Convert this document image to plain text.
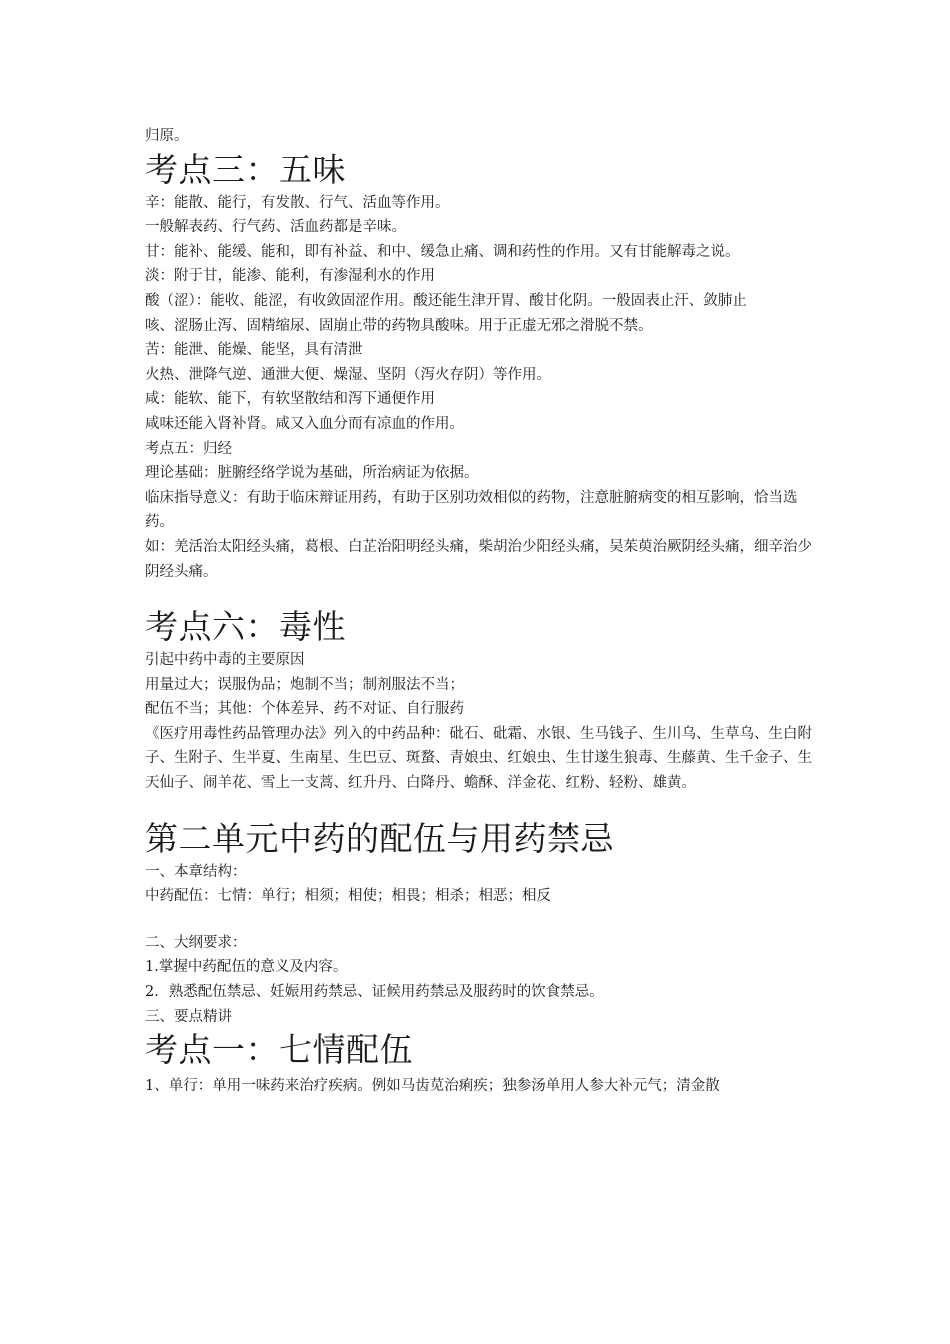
归原。

考点三：五味

辛：能散、能行，有发散、行气、活血等作用。

一般解表药、行气药、活血药都是辛味。

甘：能补、能缓、能和，即有补益、和中、缓急止痛、调和药性的作用。又有甘能解毒之说。

淡：附于甘，能渗、能利，有渗湿利水的作用

酸（涩）：能收、能涩，有收敛固涩作用。酸还能生津开胃、酸甘化阴。一般固表止汗、敛肺止

咳、涩肠止泻、固精缩尿、固崩止带的药物具酸味。用于正虚无邪之滑脱不禁。

苦：能泄、能燥、能坚，具有清泄

火热、泄降气逆、通泄大便、燥湿、坚阴（泻火存阴）等作用。

咸：能软、能下，有软坚散结和泻下通便作用

咸味还能入肾补肾。咸又入血分而有凉血的作用。

考点五：归经

理论基础：脏腑经络学说为基础，所治病证为依据。

临床指导意义：有助于临床辩证用药，有助于区别功效相似的药物，注意脏腑病变的相互影响，恰当选药。

如：羌活治太阳经头痛，葛根、白芷治阳明经头痛，柴胡治少阳经头痛，吴茱萸治厥阴经头痛，细辛治少阴经头痛。

考点六：毒性

引起中药中毒的主要原因

用量过大；误服伪品；炮制不当；制剂服法不当；

配伍不当；其他：个体差异、药不对证、自行服药

《医疗用毒性药品管理办法》列入的中药品种：砒石、砒霜、水银、生马钱子、生川乌、生草乌、生白附子、生附子、生半夏、生南星、生巴豆、斑蝥、青娘虫、红娘虫、生甘遂生狼毒、生藤黄、生千金子、生天仙子、闹羊花、雪上一支蒿、红升丹、白降丹、蟾酥、洋金花、红粉、轻粉、雄黄。

第二单元中药的配伍与用药禁忌

一、本章结构：

中药配伍：七情：单行；相须；相使；相畏；相杀；相恶；相反

二、大纲要求：

1.掌握中药配伍的意义及内容。

2．熟悉配伍禁忌、妊娠用药禁忌、证候用药禁忌及服药时的饮食禁忌。

三、要点精讲

考点一：七情配伍

1、单行：单用一味药来治疗疾病。例如马齿苋治痢疾；独参汤单用人参大补元气；清金散
